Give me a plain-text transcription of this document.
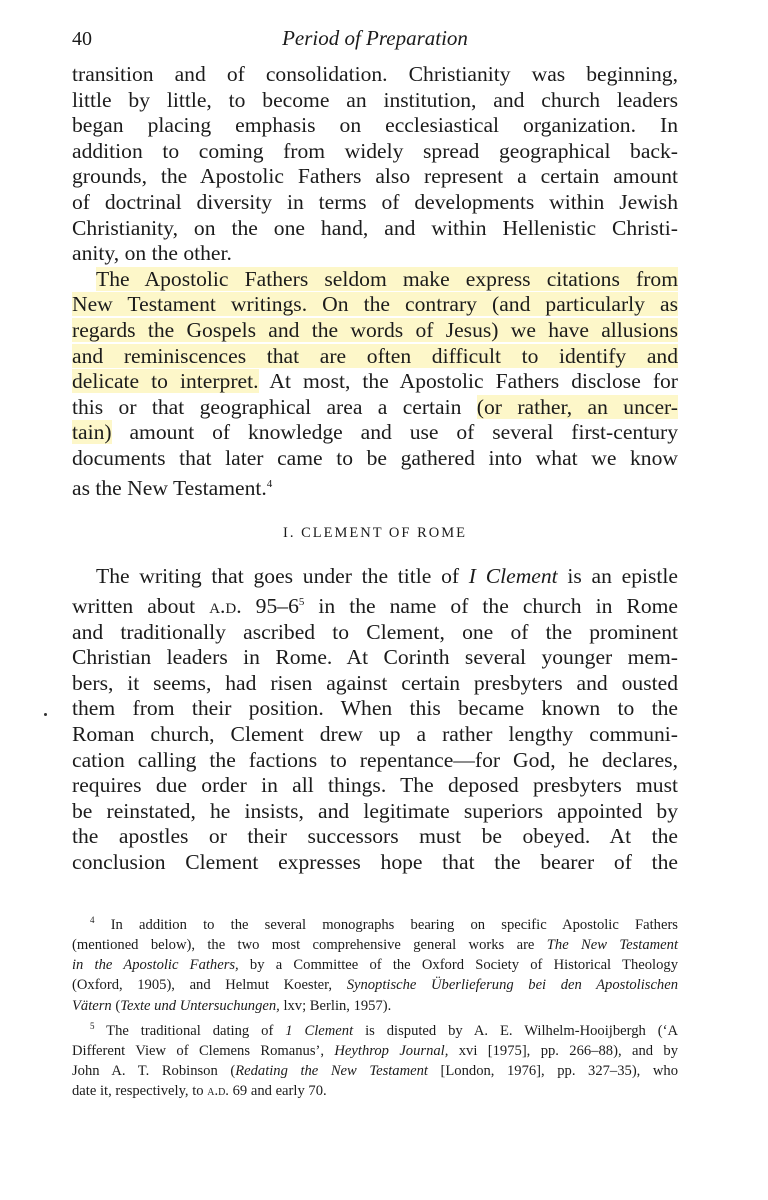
40	Period of Preparation
transition and of consolidation. Christianity was beginning,
little by little, to become an institution, and church leaders
began placing emphasis on ecclesiastical organization. In
addition to coming from widely spread geographical back-
grounds, the Apostolic Fathers also represent a certain amount
of doctrinal diversity in terms of developments within Jewish
Christianity, on the one hand, and within Hellenistic Christi-
anity, on the other.
The Apostolic Fathers seldom make express citations from
New Testament writings. On the contrary (and particularly as
regards the Gospels and the words of Jesus) we have allusions
and reminiscences that are often difficult to identify and
delicate to interpret. At most, the Apostolic Fathers disclose for
this or that geographical area a certain (or rather, an uncer-
tain) amount of knowledge and use of several first-century
documents that later came to be gathered into what we know
as the New Testament.$^4$
I. CLEMENT OF ROME
The writing that goes under the title of I Clement is an epistle
written about a.d. $95-6^5$ in the name of the church in Rome
and traditionally ascribed to Clement, one of the prominent
Christian leaders in Rome. At Corinth several younger mem-
bers, it seems, had risen against certain presbyters and ousted
them from their position. When this became known to the
Roman church, Clement drew up a rather lengthy communi-
cation calling the factions to repentance—for God, he declares,
requires due order in all things. The deposed presbyters must
be reinstated, he insists, and legitimate superiors appointed by
the apostles or their successors must be obeyed. At the
conclusion Clement expresses hope that the bearer of the
$^4$ In addition to the several monographs bearing on specific Apostolic Fathers
(mentioned below), the two most comprehensive general works are The New Testament
in the Apostolic Fathers, by a Committee of the Oxford Society of Historical Theology
(Oxford, 1905), and Helmut Koester, Synoptische Überlieferung bei den Apostolischen
Vätern (Texte und Untersuchungen, lxv; Berlin, 1957).
$^5$ The traditional dating of 1 Clement is disputed by A. E. Wilhelm-Hooijbergh (‘A
Different View of Clemens Romanus’, Heythrop Journal, xvi [1975], pp. 266–88), and by
John A. T. Robinson (Redating the New Testament [London, 1976], pp. 327–35), who
date it, respectively, to a.d. 69 and early 70.
